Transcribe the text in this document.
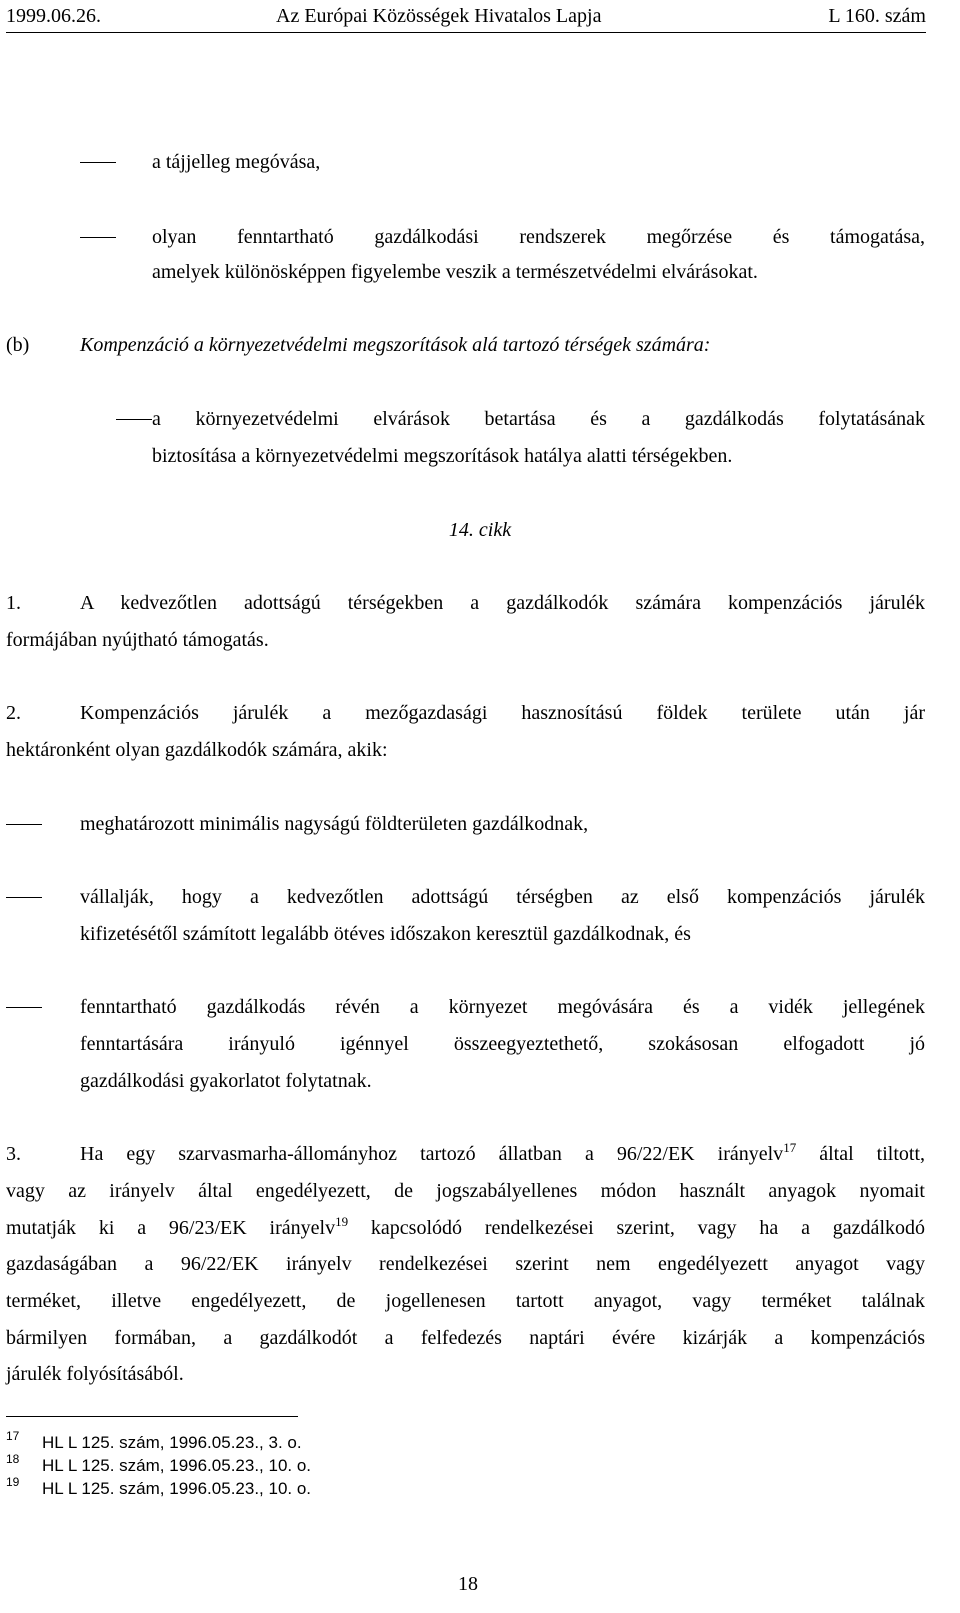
1999.06.26.	Az Európai Közösségek Hivatalos Lapja	L 160. szám
a tájjelleg megóvása,
olyan fenntartható gazdálkodási rendszerek megőrzése és támogatása,
amelyek különösképpen figyelembe veszik a természetvédelmi elvárásokat.
(b)	Kompenzáció a környezetvédelmi megszorítások alá tartozó térségek számára:
a környezetvédelmi elvárások betartása és a gazdálkodás folytatásának
biztosítása a környezetvédelmi megszorítások hatálya alatti térségekben.
14. cikk
1.	A kedvezőtlen adottságú térségekben a gazdálkodók számára kompenzációs járulék
formájában nyújtható támogatás.
2.	Kompenzációs járulék a mezőgazdasági hasznosítású földek területe után jár
hektáronként olyan gazdálkodók számára, akik:
meghatározott minimális nagyságú földterületen gazdálkodnak,
vállalják, hogy a kedvezőtlen adottságú térségben az első kompenzációs járulék
kifizetésétől számított legalább ötéves időszakon keresztül gazdálkodnak, és
fenntartható gazdálkodás révén a környezet megóvására és a vidék jellegének
fenntartására irányuló igénnyel összeegyeztethető, szokásosan elfogadott jó
gazdálkodási gyakorlatot folytatnak.
3.	Ha egy szarvasmarha-állományhoz tartozó állatban a 96/22/EK irányelv$^{17}$ által tiltott,
vagy az irányelv által engedélyezett, de jogszabályellenes módon használt anyagok nyomait
mutatják ki a 96/23/EK irányelv$^{19}$ kapcsolódó rendelkezései szerint, vagy ha a gazdálkodó
gazdaságában a 96/22/EK irányelv rendelkezései szerint nem engedélyezett anyagot vagy
terméket, illetve engedélyezett, de jogellenesen tartott anyagot, vagy terméket találnak
bármilyen formában, a gazdálkodót a felfedezés naptári évére kizárják a kompenzációs
járulék folyósításából.
17 HL L 125. szám, 1996.05.23., 3. o.
18 HL L 125. szám, 1996.05.23., 10. o.
19 HL L 125. szám, 1996.05.23., 10. o.
18
